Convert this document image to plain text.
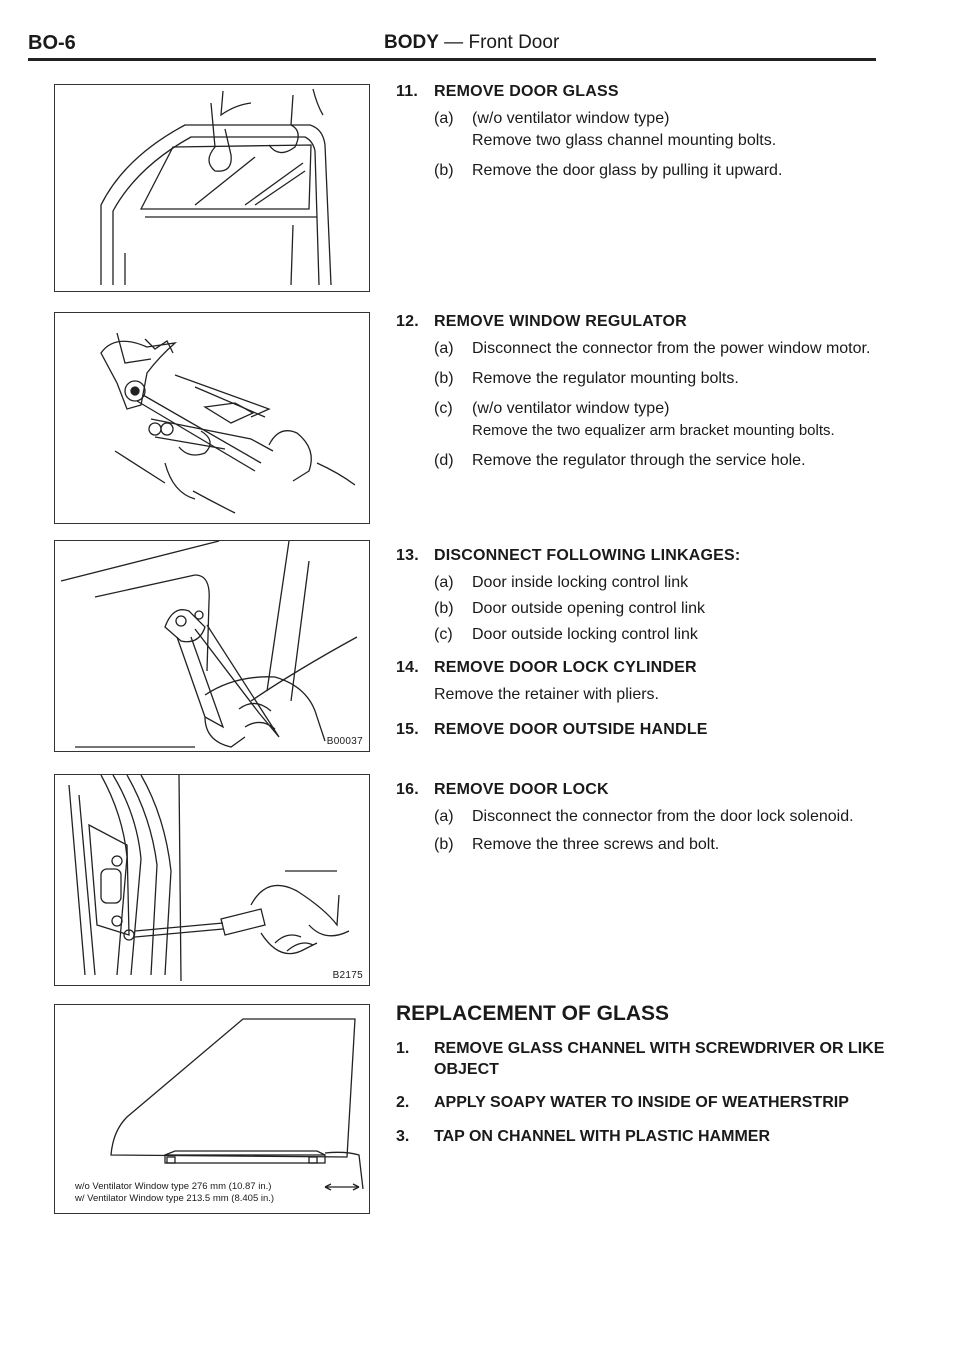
BO-6	BODY — Front Door
B00037
B2175
w/o Ventilator Window type 276 mm (10.87 in.)
w/ Ventilator Window type 213.5 mm (8.405 in.)
11. REMOVE DOOR GLASS
(a) (w/o ventilator window type)
Remove two glass channel mounting bolts.
(b) Remove the door glass by pulling it upward.
12. REMOVE WINDOW REGULATOR
(a) Disconnect the connector from the power window motor.
(b) Remove the regulator mounting bolts.
(c) (w/o ventilator window type)
Remove the two equalizer arm bracket mounting bolts.
(d) Remove the regulator through the service hole.
13. DISCONNECT FOLLOWING LINKAGES:
(a) Door inside locking control link
(b) Door outside opening control link
(c) Door outside locking control link
14. REMOVE DOOR LOCK CYLINDER
Remove the retainer with pliers.
15. REMOVE DOOR OUTSIDE HANDLE
16. REMOVE DOOR LOCK
(a) Disconnect the connector from the door lock solenoid.
(b) Remove the three screws and bolt.
REPLACEMENT OF GLASS
1. REMOVE GLASS CHANNEL WITH SCREWDRIVER OR LIKE OBJECT
2. APPLY SOAPY WATER TO INSIDE OF WEATHERSTRIP
3. TAP ON CHANNEL WITH PLASTIC HAMMER
